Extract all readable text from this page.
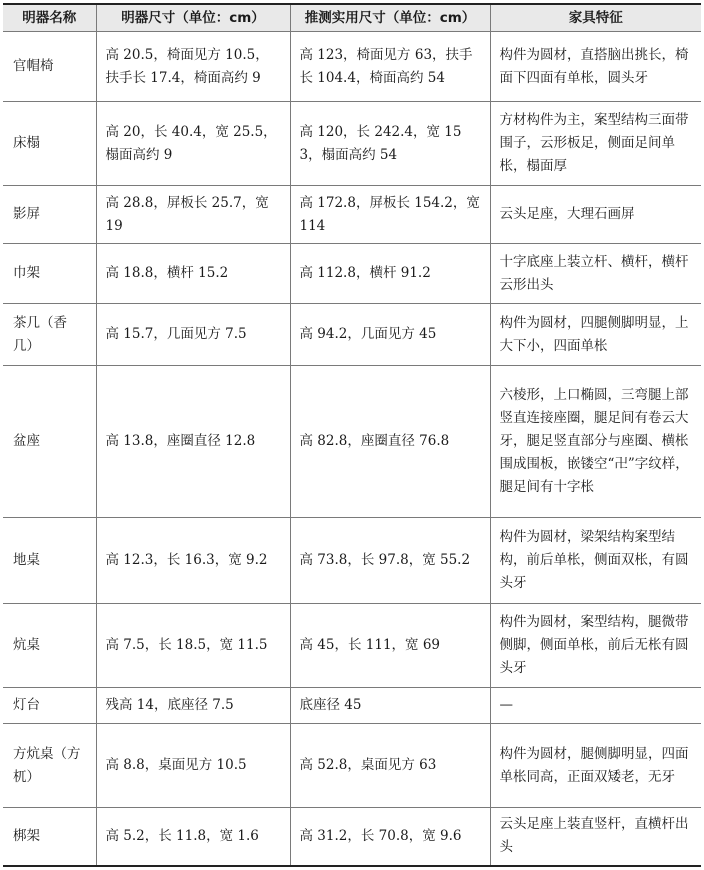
明器名称	明器尺寸（单位：cm）	推测实用尺寸（单位：cm）	家具特征
官帽椅	高 20.5，椅面见方 10.5，扶手长 17.4，椅面高约 9	高 123，椅面见方 63，扶手长 104.4，椅面高约 54	构件为圆材，直搭脑出挑长，椅面下四面有单枨，圆头牙
床榻	高 20，长 40.4，宽 25.5，榻面高约 9	高 120，长 242.4，宽 153，榻面高约 54	方材构件为主，案型结构三面带围子，云形板足，侧面足间单枨，榻面厚
影屏	高 28.8，屏板长 25.7，宽 19	高 172.8，屏板长 154.2，宽 114	云头足座，大理石画屏
巾架	高 18.8，横杆 15.2	高 112.8，横杆 91.2	十字底座上装立杆、横杆，横杆云形出头
茶几（香几）	高 15.7，几面见方 7.5	高 94.2，几面见方 45	构件为圆材，四腿侧脚明显，上大下小，四面单枨
盆座	高 13.8，座圈直径 12.8	高 82.8，座圈直径 76.8	六棱形，上口椭圆，三弯腿上部竖直连接座圈，腿足间有卷云大牙，腿足竖直部分与座圈、横枨围成围板，嵌镂空“卍”字纹样，腿足间有十字枨
地桌	高 12.3，长 16.3，宽 9.2	高 73.8，长 97.8，宽 55.2	构件为圆材，梁架结构案型结构，前后单枨，侧面双枨，有圆头牙
炕桌	高 7.5，长 18.5，宽 11.5	高 45，长 111，宽 69	构件为圆材，案型结构，腿微带侧脚，侧面单枨，前后无枨有圆头牙
灯台	残高 14，底座径 7.5	底座径 45	—
方炕桌（方杌）	高 8.8，桌面见方 10.5	高 52.8，桌面见方 63	构件为圆材，腿侧脚明显，四面单枨同高，正面双矮老，无牙
梆架	高 5.2，长 11.8，宽 1.6	高 31.2，长 70.8，宽 9.6	云头足座上装直竖杆，直横杆出头
